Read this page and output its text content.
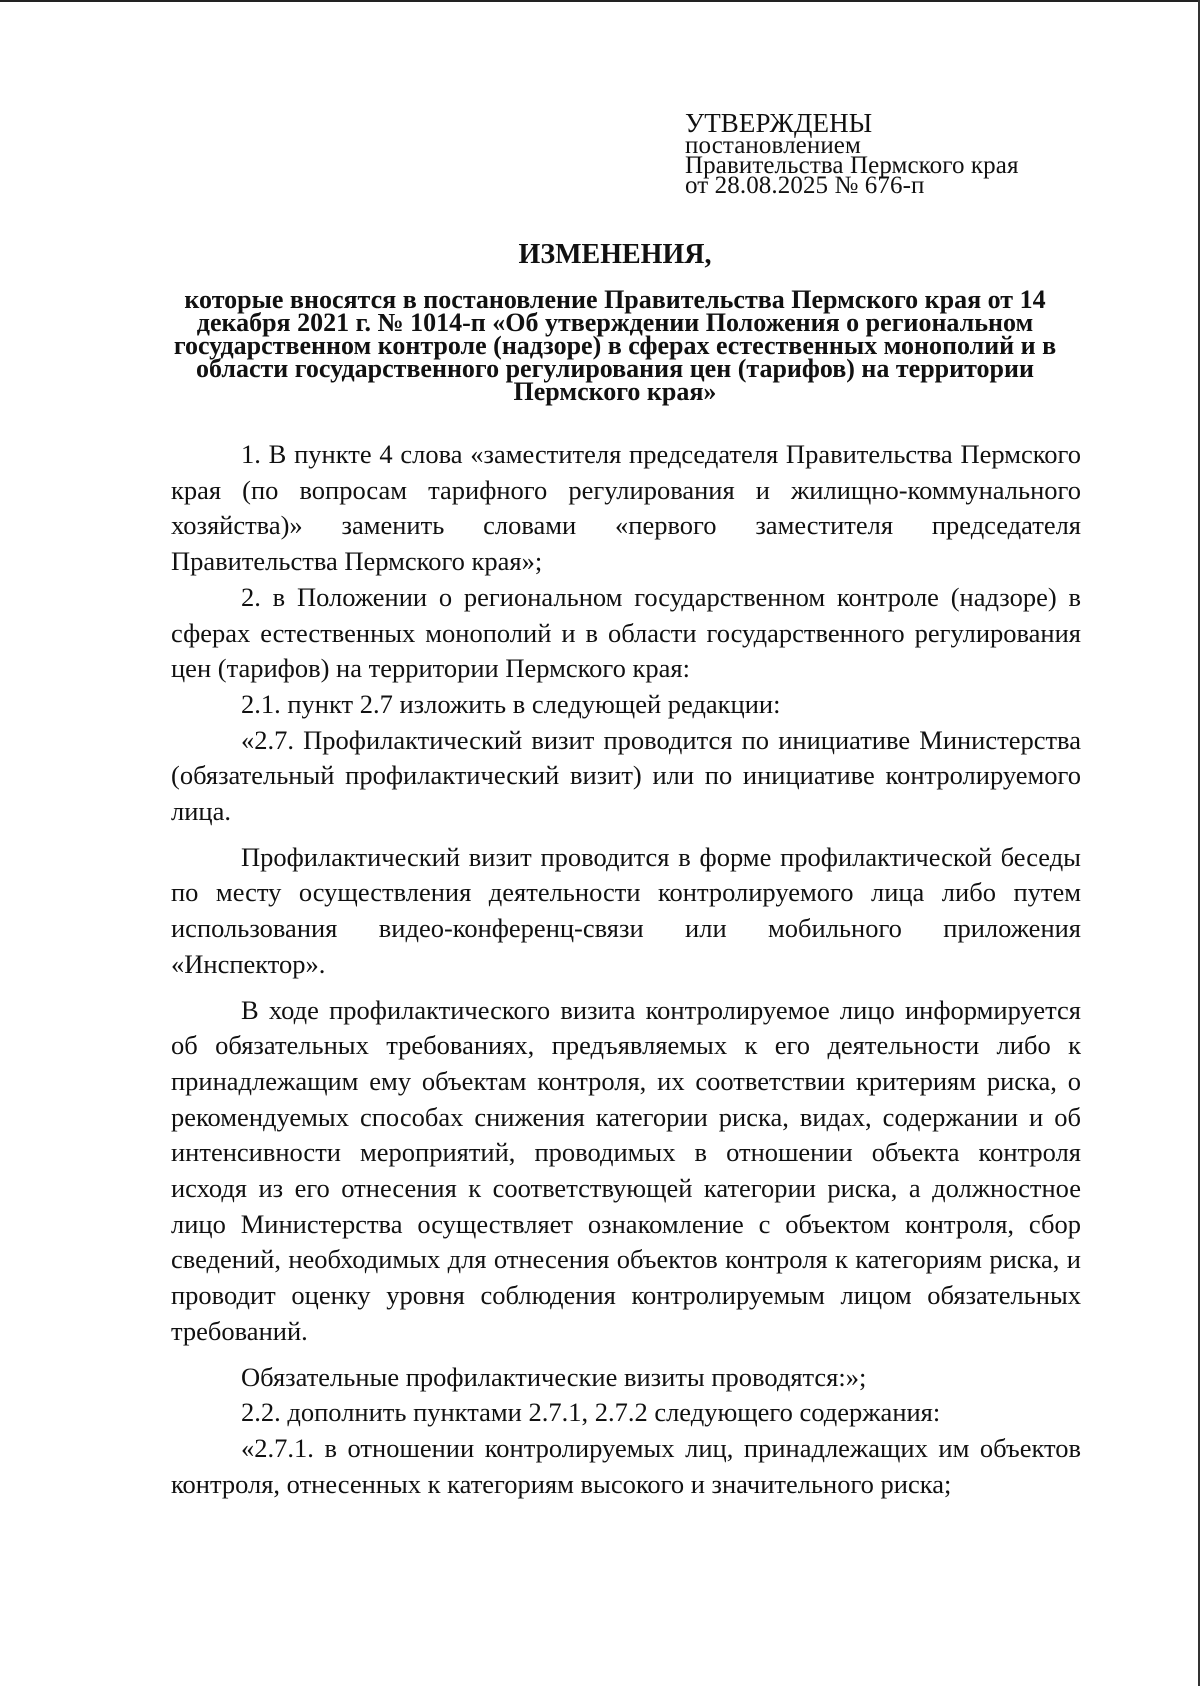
УТВЕРЖДЕНЫ
постановлением
Правительства Пермского края
от 28.08.2025 № 676-п
ИЗМЕНЕНИЯ,
которые вносятся в постановление Правительства Пермского края от 14 декабря 2021 г. № 1014-п «Об утверждении Положения о региональном государственном контроле (надзоре) в сферах естественных монополий и в области государственного регулирования цен (тарифов) на территории Пермского края»

1. В пункте 4 слова «заместителя председателя Правительства Пермского края (по вопросам тарифного регулирования и жилищно-коммунального хозяйства)» заменить словами «первого заместителя председателя Правительства Пермского края»;

2. в Положении о региональном государственном контроле (надзоре) в сферах естественных монополий и в области государственного регулирования цен (тарифов) на территории Пермского края:

2.1. пункт 2.7 изложить в следующей редакции:

«2.7. Профилактический визит проводится по инициативе Министерства (обязательный профилактический визит) или по инициативе контролируемого лица.

Профилактический визит проводится в форме профилактической беседы по месту осуществления деятельности контролируемого лица либо путем использования видео-конференц-связи или мобильного приложения «Инспектор».

В ходе профилактического визита контролируемое лицо информируется об обязательных требованиях, предъявляемых к его деятельности либо к принадлежащим ему объектам контроля, их соответствии критериям риска, о рекомендуемых способах снижения категории риска, видах, содержании и об интенсивности мероприятий, проводимых в отношении объекта контроля исходя из его отнесения к соответствующей категории риска, а должностное лицо Министерства осуществляет ознакомление с объектом контроля, сбор сведений, необходимых для отнесения объектов контроля к категориям риска, и проводит оценку уровня соблюдения контролируемым лицом обязательных требований.

Обязательные профилактические визиты проводятся:»;

2.2. дополнить пунктами 2.7.1, 2.7.2 следующего содержания:

«2.7.1. в отношении контролируемых лиц, принадлежащих им объектов контроля, отнесенных к категориям высокого и значительного риска;
